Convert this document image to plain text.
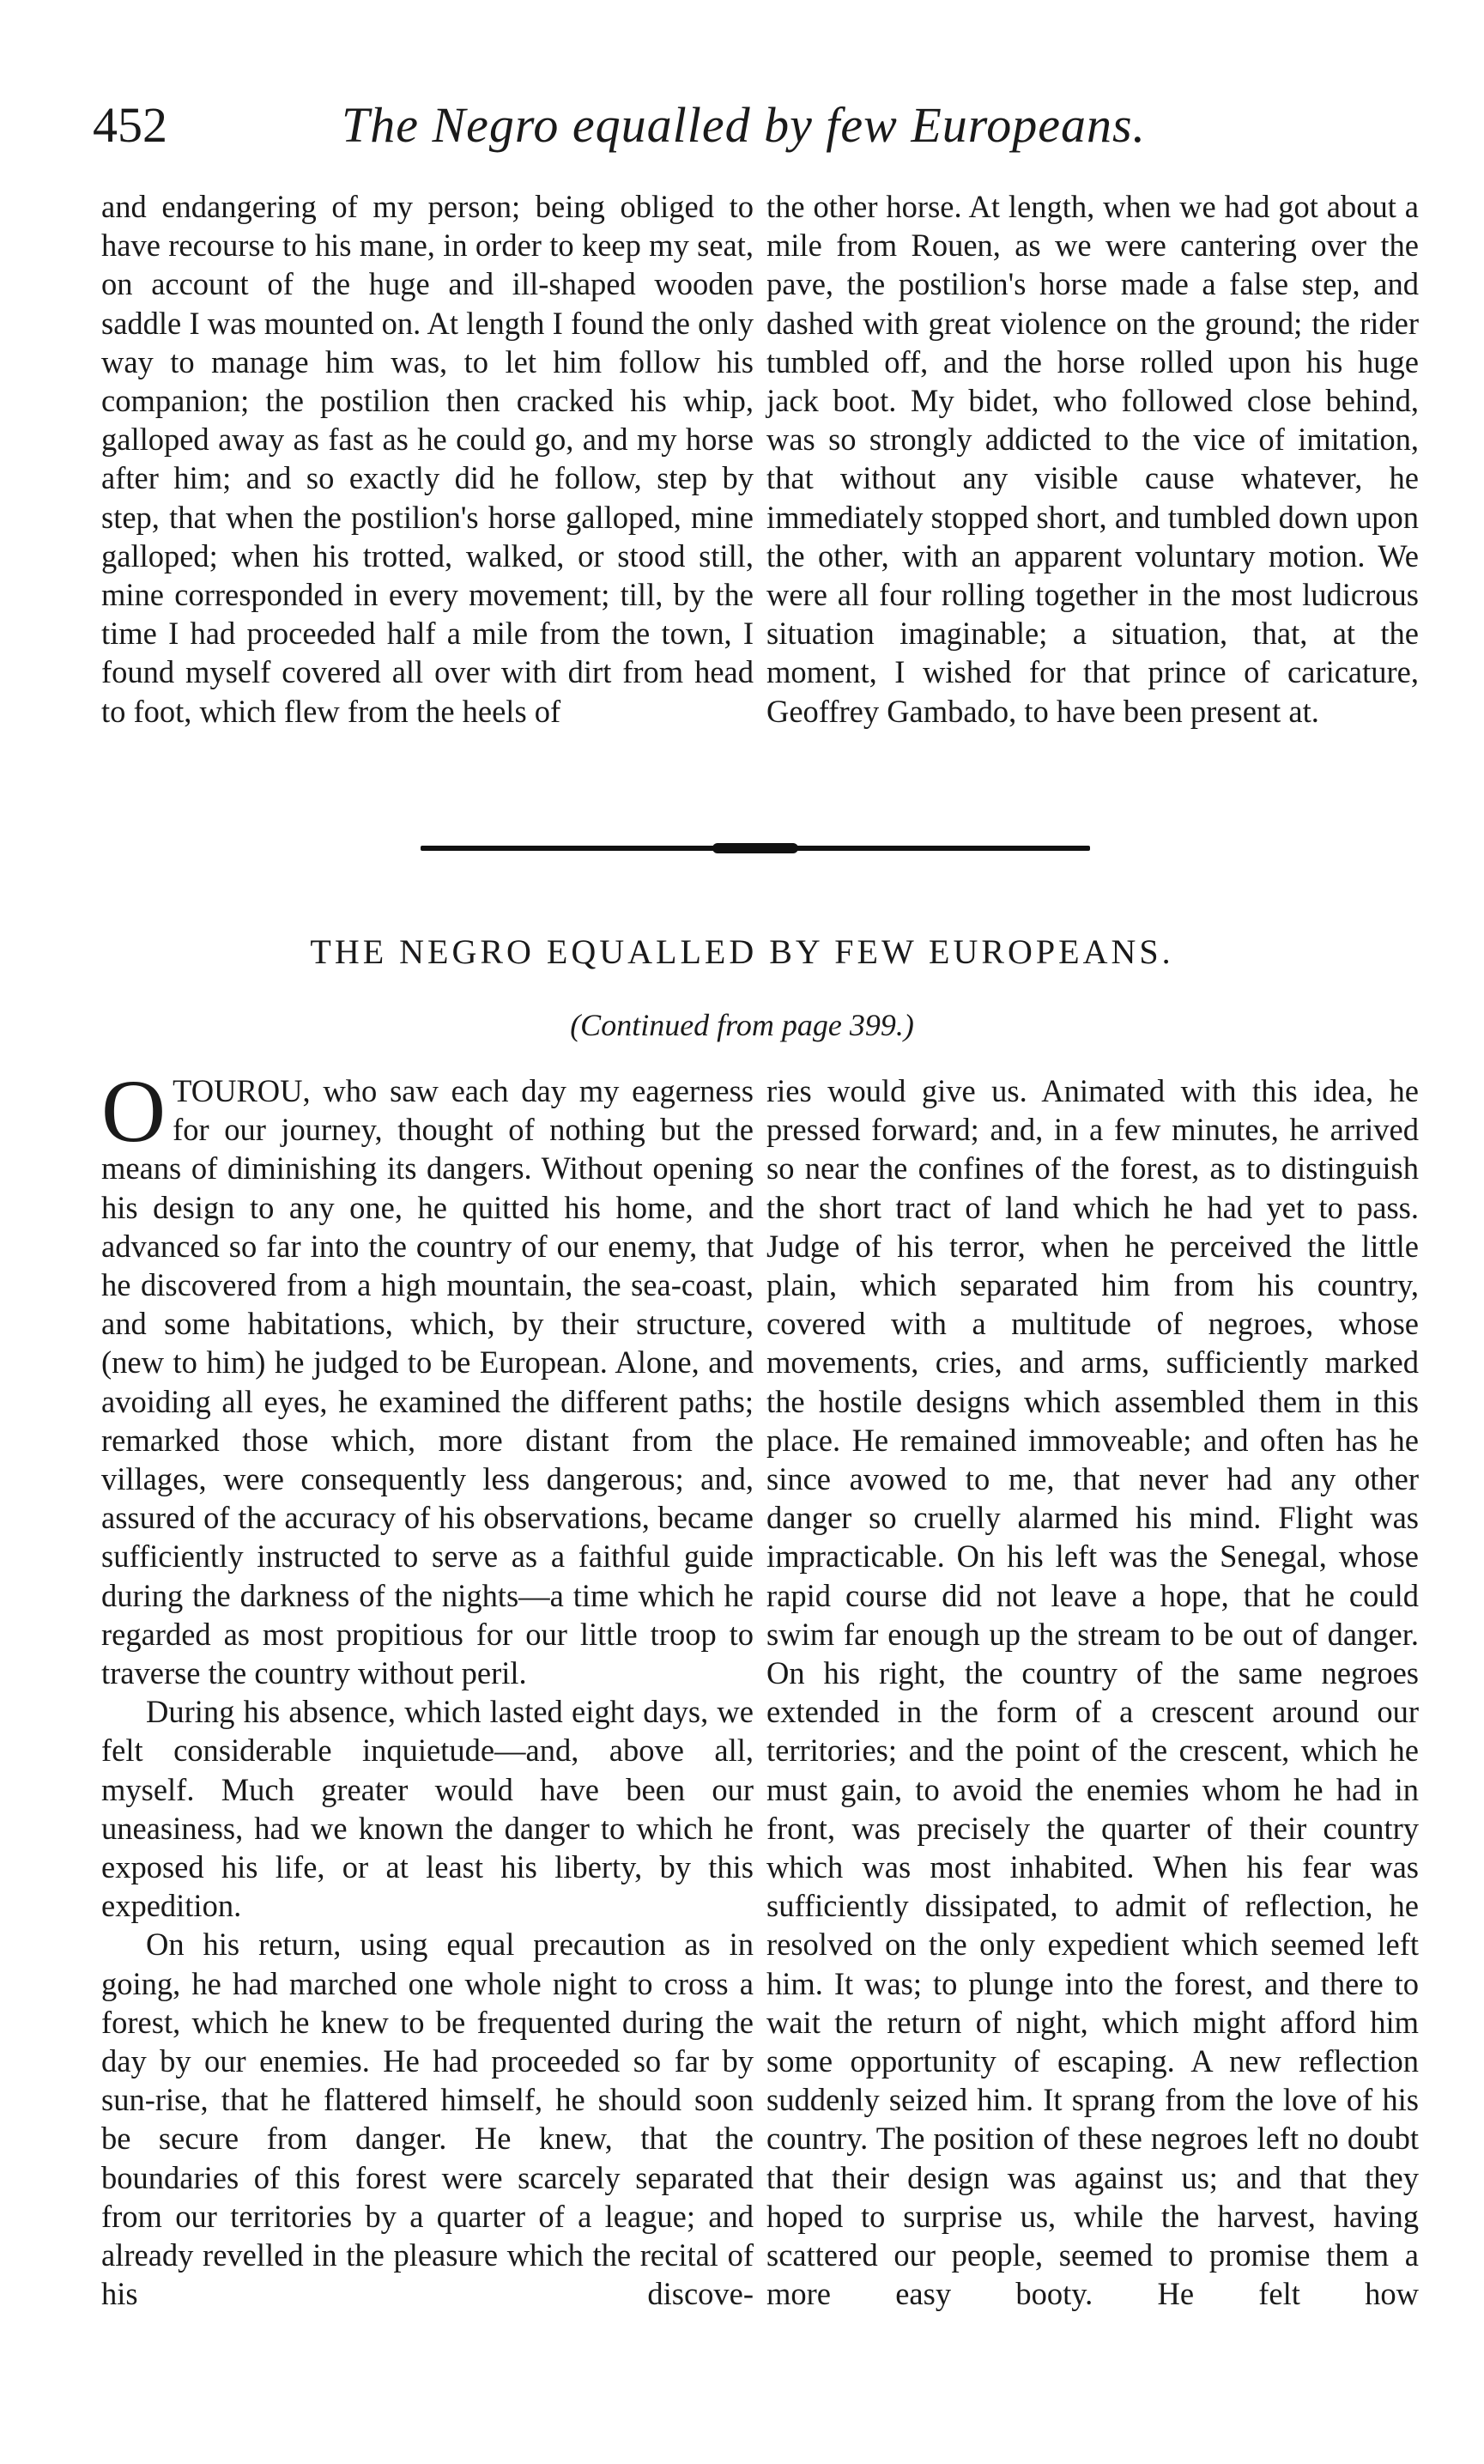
452	The Negro equalled by few Europeans.

and endangering of my person; being obliged to have recourse to his mane, in order to keep my seat, on account of the huge and ill-shaped wooden saddle I was mounted on. At length I found the only way to manage him was, to let him follow his companion; the postilion then cracked his whip, galloped away as fast as he could go, and my horse after him; and so exactly did he follow, step by step, that when the postilion's horse galloped, mine galloped; when his trotted, walked, or stood still, mine corresponded in every movement; till, by the time I had proceeded half a mile from the town, I found myself covered all over with dirt from head to foot, which flew from the heels of

the other horse. At length, when we had got about a mile from Rouen, as we were cantering over the pave, the postilion's horse made a false step, and dashed with great violence on the ground; the rider tumbled off, and the horse rolled upon his huge jack boot. My bidet, who followed close behind, was so strongly addicted to the vice of imitation, that without any visible cause whatever, he immediately stopped short, and tumbled down upon the other, with an apparent voluntary motion. We were all four rolling together in the most ludicrous situation imaginable; a situation, that, at the moment, I wished for that prince of caricature, Geoffrey Gambado, to have been present at.

THE NEGRO EQUALLED BY FEW EUROPEANS.
(Continued from page 399.)

OTOUROU, who saw each day my eagerness for our journey, thought of nothing but the means of diminishing its dangers. Without opening his design to any one, he quitted his home, and advanced so far into the country of our enemy, that he discovered from a high mountain, the sea-coast, and some habitations, which, by their structure, (new to him) he judged to be European. Alone, and avoiding all eyes, he examined the different paths; remarked those which, more distant from the villages, were consequently less dangerous; and, assured of the accuracy of his observations, became sufficiently instructed to serve as a faithful guide during the darkness of the nights—a time which he regarded as most propitious for our little troop to traverse the country without peril.

During his absence, which lasted eight days, we felt considerable inquietude—and, above all, myself. Much greater would have been our uneasiness, had we known the danger to which he exposed his life, or at least his liberty, by this expedition.

On his return, using equal precaution as in going, he had marched one whole night to cross a forest, which he knew to be frequented during the day by our enemies. He had proceeded so far by sun-rise, that he flattered himself, he should soon be secure from danger. He knew, that the boundaries of this forest were scarcely separated from our territories by a quarter of a league; and already revelled in the pleasure which the recital of his discove-

ries would give us. Animated with this idea, he pressed forward; and, in a few minutes, he arrived so near the confines of the forest, as to distinguish the short tract of land which he had yet to pass. Judge of his terror, when he perceived the little plain, which separated him from his country, covered with a multitude of negroes, whose movements, cries, and arms, sufficiently marked the hostile designs which assembled them in this place. He remained immoveable; and often has he since avowed to me, that never had any other danger so cruelly alarmed his mind. Flight was impracticable. On his left was the Senegal, whose rapid course did not leave a hope, that he could swim far enough up the stream to be out of danger. On his right, the country of the same negroes extended in the form of a crescent around our territories; and the point of the crescent, which he must gain, to avoid the enemies whom he had in front, was precisely the quarter of their country which was most inhabited. When his fear was sufficiently dissipated, to admit of reflection, he resolved on the only expedient which seemed left him. It was; to plunge into the forest, and there to wait the return of night, which might afford him some opportunity of escaping. A new reflection suddenly seized him. It sprang from the love of his country. The position of these negroes left no doubt that their design was against us; and that they hoped to surprise us, while the harvest, having scattered our people, seemed to promise them a more easy booty. He felt how
